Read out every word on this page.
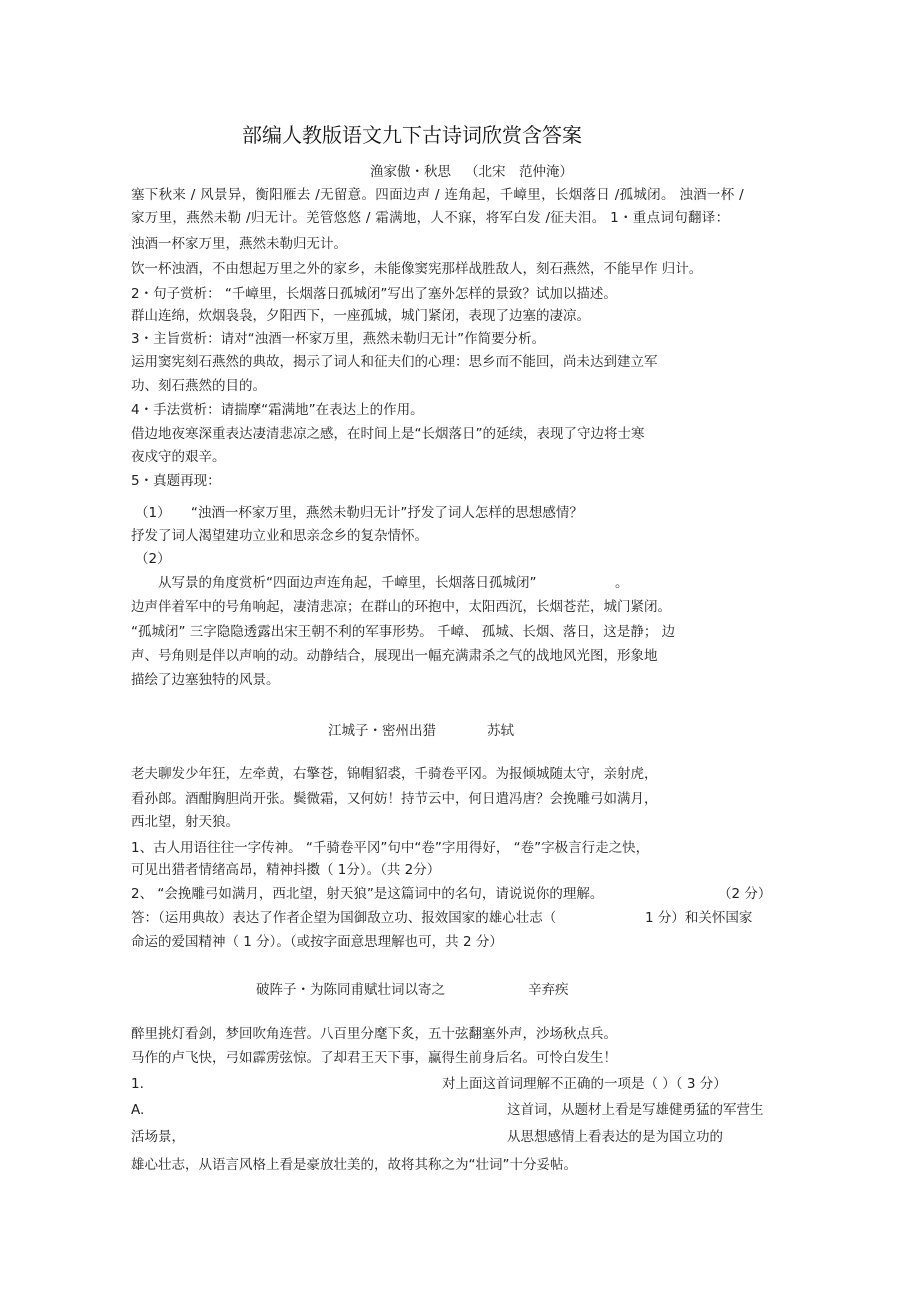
部编人教版语文九下古诗词欣赏含答案
渔家傲・秋思 （北宋　范仲淹）
塞下秋来 / 风景异，衡阳雁去 /无留意。四面边声 / 连角起，千嶂里，长烟落日 /孤城闭。 浊酒一杯 /
家万里，燕然未勒 /归无计。羌管悠悠 / 霜满地，人不寐，将军白发 /征夫泪。 1・重点词句翻译：
浊酒一杯家万里，燕然未勒归无计。
饮一杯浊酒，不由想起万里之外的家乡，未能像窦宪那样战胜敌人，刻石燕然，不能早作 归计。
2・句子赏析： “千嶂里，长烟落日孤城闭”写出了塞外怎样的景致？试加以描述。
群山连绵，炊烟袅袅，夕阳西下，一座孤城，城门紧闭，表现了边塞的凄凉。
3・主旨赏析：请对“浊酒一杯家万里，燕然未勒归无计”作简要分析。
运用窦宪刻石燕然的典故，揭示了词人和征夫们的心理：思乡而不能回，尚未达到建立军
功、刻石燕然的目的。
4・手法赏析：请揣摩“霜满地”在表达上的作用。
借边地夜寒深重表达凄清悲凉之感，在时间上是“长烟落日”的延续，表现了守边将士寒
夜戍守的艰辛。
5・真题再现：
（1）　　“浊酒一杯家万里，燕然未勒归无计”抒发了词人怎样的思想感情？
抒发了词人渴望建功立业和思亲念乡的复杂情怀。
（2）
从写景的角度赏析“四面边声连角起，千嶂里，长烟落日孤城闭”	。
边声伴着军中的号角响起，凄清悲凉；在群山的环抱中，太阳西沉，长烟苍茫，城门紧闭。
“孤城闭” 三字隐隐透露出宋王朝不利的军事形势。 千嶂、 孤城、长烟、落日，这是静； 边
声、号角则是伴以声响的动。动静结合，展现出一幅充满肃杀之气的战地风光图，形象地
描绘了边塞独特的风景。
江城子・密州出猎	苏轼
老夫聊发少年狂，左牵黄，右擎苍，锦帽貂裘，千骑卷平冈。为报倾城随太守，亲射虎，
看孙郎。酒酣胸胆尚开张。鬓微霜，又何妨！持节云中，何日遣冯唐？会挽雕弓如满月，
西北望，射天狼。
1、古人用语往往一字传神。 “千骑卷平冈”句中“卷”字用得好， “卷”字极言行走之快，
可见出猎者情绪高昂，精神抖擞（ 1分）。（共 2分）
2、 “会挽雕弓如满月，西北望，射天狼”是这篇词中的名句，请说说你的理解。	（2 分）
答：（运用典故）表达了作者企望为国御敌立功、报效国家的雄心壮志（	1 分）和关怀国家
命运的爱国精神（ 1 分）。（或按字面意思理解也可，共 2 分）
破阵子・为陈同甫赋壮词以寄之	辛弃疾
醉里挑灯看剑，梦回吹角连营。八百里分麾下炙，五十弦翻塞外声，沙场秋点兵。
马作的卢飞快，弓如霹雳弦惊。了却君王天下事，赢得生前身后名。可怜白发生！
1.	对上面这首词理解不正确的一项是（ ）（ 3 分）
A.	这首词，从题材上看是写雄健勇猛的军营生
活场景，	从思想感情上看表达的是为国立功的
雄心壮志，从语言风格上看是豪放壮美的，故将其称之为“壮词”十分妥帖。
